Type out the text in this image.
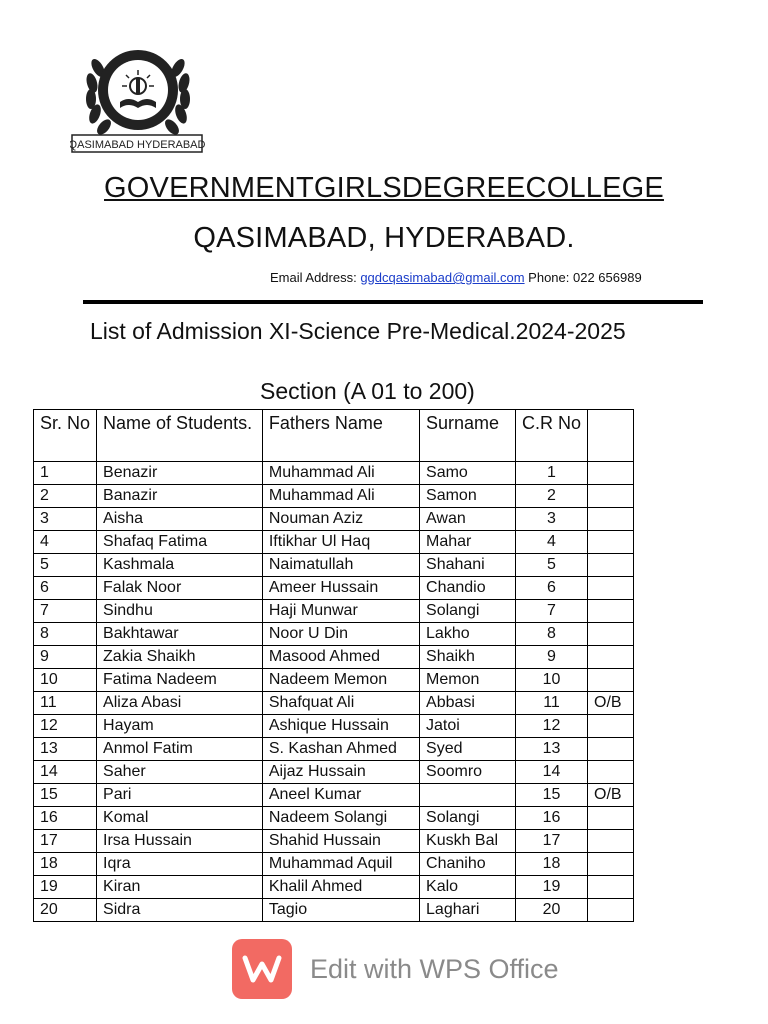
QASIMABAD HYDERABAD
GOVERNMENTGIRLSDEGREECOLLEGE
QASIMABAD, HYDERABAD.
Email Address: ggdcqasimabad@gmail.com Phone: 022 656989
List of Admission XI-Science Pre-Medical.2024-2025
Section (A 01 to 200)
Sr. No	Name of Students.	Fathers Name	Surname	C.R No	
1	Benazir	Muhammad Ali	Samo	1	
2	Banazir	Muhammad Ali	Samon	2	
3	Aisha	Nouman Aziz	Awan	3	
4	Shafaq Fatima	Iftikhar Ul Haq	Mahar	4	
5	Kashmala	Naimatullah	Shahani	5	
6	Falak Noor	Ameer Hussain	Chandio	6	
7	Sindhu	Haji Munwar	Solangi	7	
8	Bakhtawar	Noor U Din	Lakho	8	
9	Zakia Shaikh	Masood Ahmed	Shaikh	9	
10	Fatima Nadeem	Nadeem Memon	Memon	10	
11	Aliza Abasi	Shafquat Ali	Abbasi	11	O/B
12	Hayam	Ashique Hussain	Jatoi	12	
13	Anmol Fatim	S. Kashan Ahmed	Syed	13	
14	Saher	Aijaz Hussain	Soomro	14	
15	Pari	Aneel Kumar		15	O/B
16	Komal	Nadeem Solangi	Solangi	16	
17	Irsa Hussain	Shahid Hussain	Kuskh Bal	17	
18	Iqra	Muhammad Aquil	Chaniho	18	
19	Kiran	Khalil Ahmed	Kalo	19	
20	Sidra	Tagio	Laghari	20	
Edit with WPS Office
